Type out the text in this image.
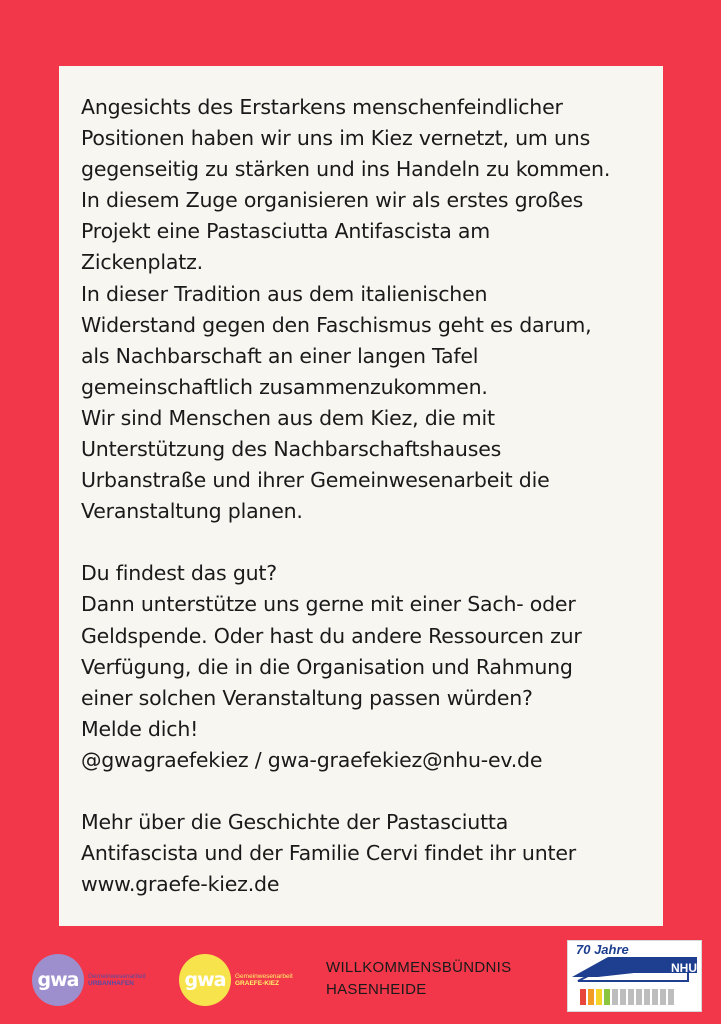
Angesichts des Erstarkens menschenfeindlicher
Positionen haben wir uns im Kiez vernetzt, um uns
gegenseitig zu stärken und ins Handeln zu kommen.
In diesem Zuge organisieren wir als erstes großes
Projekt eine Pastasciutta Antifascista am
Zickenplatz.
In dieser Tradition aus dem italienischen
Widerstand gegen den Faschismus geht es darum,
als Nachbarschaft an einer langen Tafel
gemeinschaftlich zusammenzukommen.
Wir sind Menschen aus dem Kiez, die mit
Unterstützung des Nachbarschaftshauses
Urbanstraße und ihrer Gemeinwesenarbeit die
Veranstaltung planen.

Du findest das gut?
Dann unterstütze uns gerne mit einer Sach- oder
Geldspende. Oder hast du andere Ressourcen zur
Verfügung, die in die Organisation und Rahmung
einer solchen Veranstaltung passen würden?
Melde dich!
@gwagraefekiez / gwa-graefekiez@nhu-ev.de

Mehr über die Geschichte der Pastasciutta
Antifascista und der Familie Cervi findet ihr unter
www.graefe-kiez.de

gwa	Gemeinwesenarbeit
URBANHAFEN	gwa	Gemeinwesenarbeit
GRAEFE-KIEZ
WILLKOMMENSBÜNDNIS
HASENHEIDE
70 Jahre
NHU
